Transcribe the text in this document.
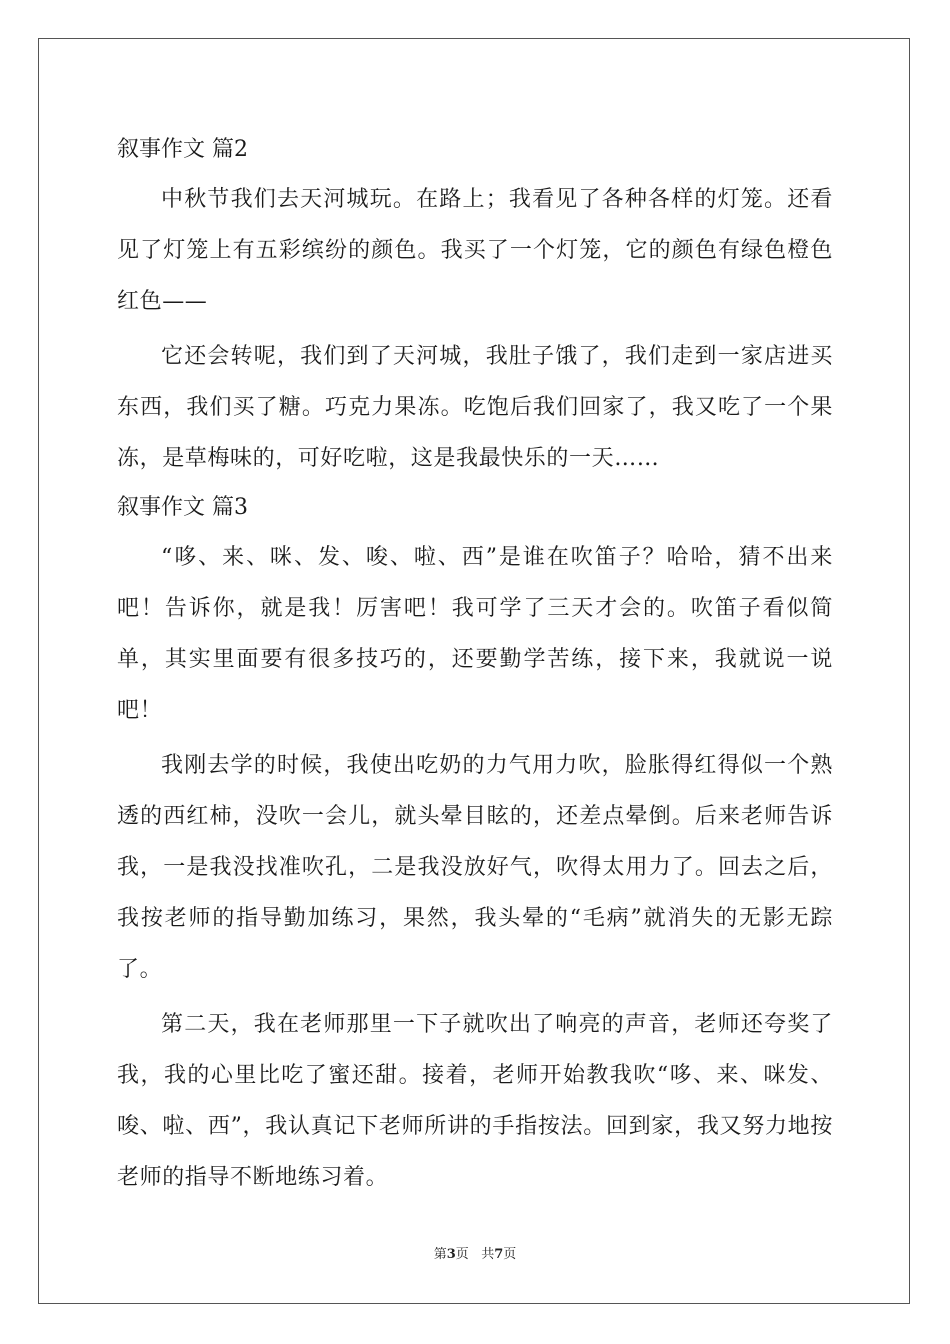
叙事作文 篇2

中秋节我们去天河城玩。在路上；我看见了各种各样的灯笼。还看见了灯笼上有五彩缤纷的颜色。我买了一个灯笼，它的颜色有绿色橙色红色——

它还会转呢，我们到了天河城，我肚子饿了，我们走到一家店进买东西，我们买了糖。巧克力果冻。吃饱后我们回家了，我又吃了一个果冻，是草梅味的，可好吃啦，这是我最快乐的一天……

叙事作文 篇3

“哆、来、咪、发、唆、啦、西”是谁在吹笛子？哈哈，猜不出来吧！告诉你，就是我！厉害吧！我可学了三天才会的。吹笛子看似简单，其实里面要有很多技巧的，还要勤学苦练，接下来，我就说一说吧！

我刚去学的时候，我使出吃奶的力气用力吹，脸胀得红得似一个熟透的西红柿，没吹一会儿，就头晕目眩的，还差点晕倒。后来老师告诉我，一是我没找准吹孔，二是我没放好气，吹得太用力了。回去之后，我按老师的指导勤加练习，果然，我头晕的“毛病”就消失的无影无踪了。

第二天，我在老师那里一下子就吹出了响亮的声音，老师还夸奖了我，我的心里比吃了蜜还甜。接着，老师开始教我吹“哆、来、咪发、唆、啦、西”，我认真记下老师所讲的手指按法。回到家，我又努力地按老师的指导不断地练习着。

第3页 共7页
